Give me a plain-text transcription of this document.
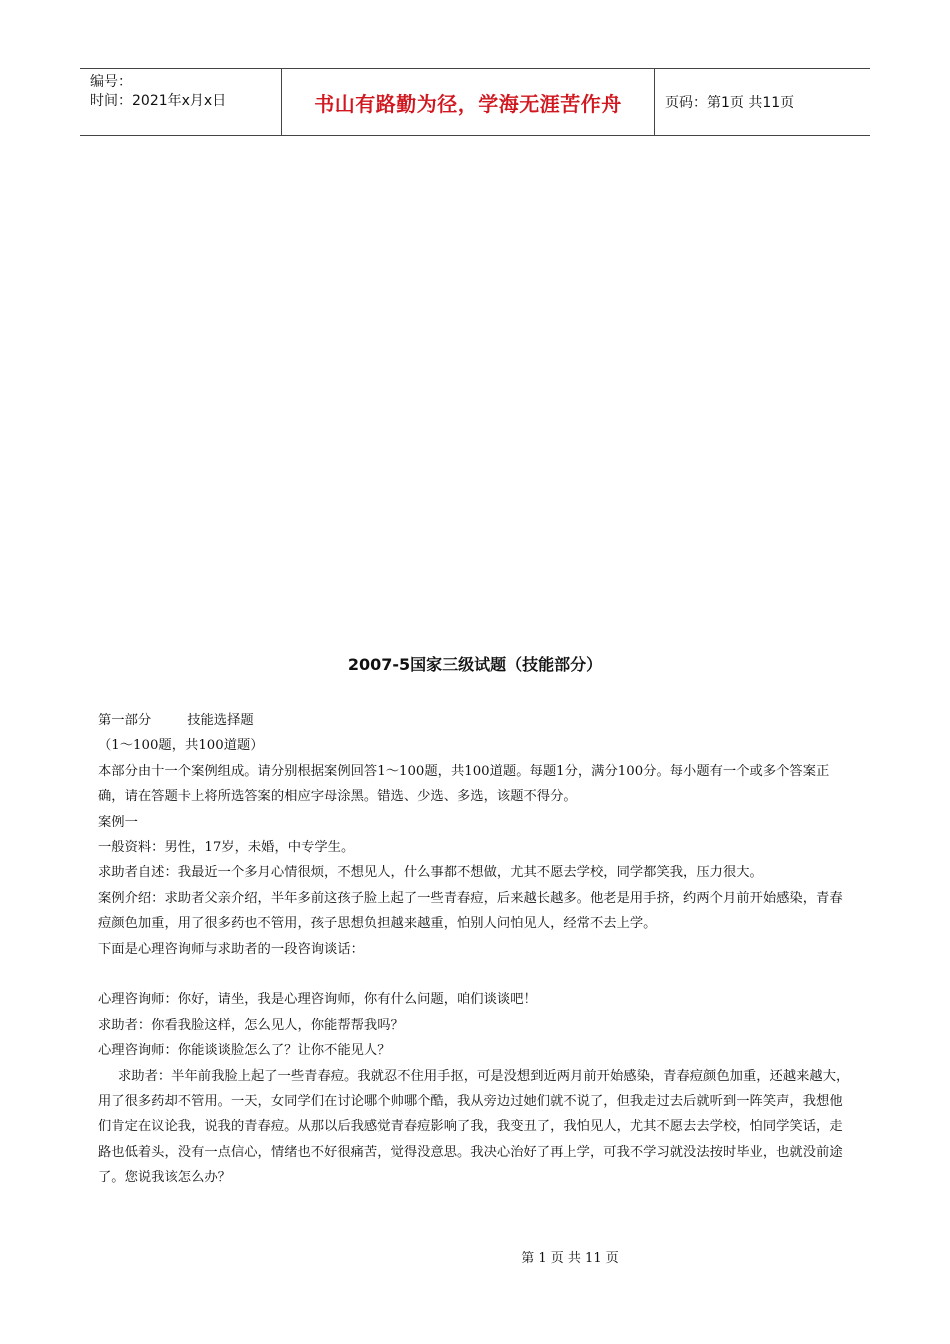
编号：
时间：2021年x月x日	书山有路勤为径，学海无涯苦作舟	页码：第1页 共11页
2007-5国家三级试题（技能部分）

第一部分	技能选择题

（1～100题，共100道题）

本部分由十一个案例组成。请分别根据案例回答1～100题，共100道题。每题1分，满分100分。每小题有一个或多个答案正确，请在答题卡上将所选答案的相应字母涂黑。错选、少选、多选，该题不得分。

案例一

一般资料：男性，17岁，未婚，中专学生。

求助者自述：我最近一个多月心情很烦，不想见人，什么事都不想做，尤其不愿去学校，同学都笑我，压力很大。

案例介绍：求助者父亲介绍，半年多前这孩子脸上起了一些青春痘，后来越长越多。他老是用手挤，约两个月前开始感染，青春痘颜色加重，用了很多药也不管用，孩子思想负担越来越重，怕别人问怕见人，经常不去上学。

下面是心理咨询师与求助者的一段咨询谈话：

心理咨询师：你好，请坐，我是心理咨询师，你有什么问题，咱们谈谈吧！

求助者：你看我脸这样，怎么见人，你能帮帮我吗？

心理咨询师：你能谈谈脸怎么了？让你不能见人？

求助者：半年前我脸上起了一些青春痘。我就忍不住用手抠，可是没想到近两月前开始感染，青春痘颜色加重，还越来越大，用了很多药却不管用。一天，女同学们在讨论哪个帅哪个酷，我从旁边过她们就不说了，但我走过去后就听到一阵笑声，我想他们肯定在议论我，说我的青春痘。从那以后我感觉青春痘影响了我，我变丑了，我怕见人，尤其不愿去去学校，怕同学笑话，走路也低着头，没有一点信心，情绪也不好很痛苦，觉得没意思。我决心治好了再上学，可我不学习就没法按时毕业，也就没前途了。您说我该怎么办？

第 1 页 共 11 页
